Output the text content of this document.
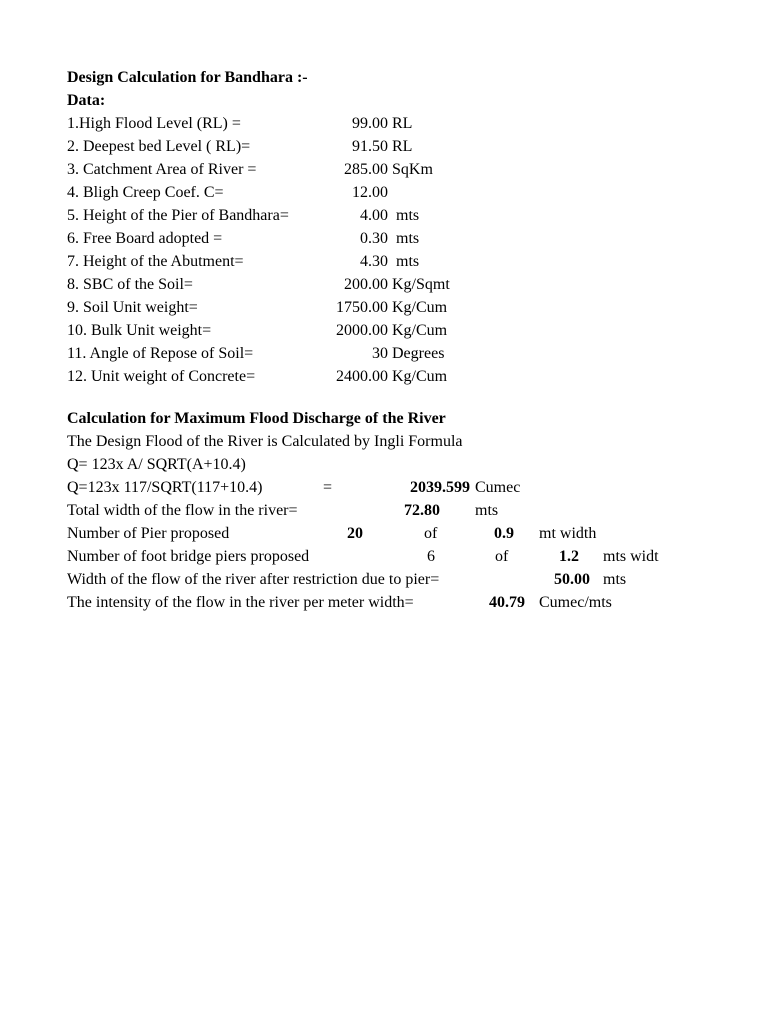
Design Calculation for Bandhara :-
Data:
1.High Flood Level (RL) =	99.00 RL
2. Deepest bed Level ( RL)=	91.50 RL
3. Catchment Area of River =	285.00 SqKm
4. Bligh Creep Coef. C=	12.00
5. Height of the Pier of Bandhara=	4.00 mts
6. Free Board adopted =	0.30 mts
7. Height of the Abutment=	4.30 mts
8. SBC of the Soil=	200.00 Kg/Sqmt
9. Soil Unit weight=	1750.00 Kg/Cum
10. Bulk Unit weight=	2000.00 Kg/Cum
11. Angle of Repose of Soil=	30 Degrees
12. Unit weight of Concrete=	2400.00 Kg/Cum
Calculation for Maximum Flood Discharge of the River
The Design Flood of the River is Calculated by Ingli Formula
Q= 123x A/ SQRT(A+10.4)
Q=123x 117/SQRT(117+10.4)	=	2039.599 Cumec
Total width of the flow in the river=	72.80 mts
Number of Pier proposed	20	of	0.9 mt width
Number of foot bridge piers proposed	6	of	1.2 mts widt
Width of the flow of the river after restriction due to pier=	50.00 mts
The intensity of the flow in the river per meter width=	40.79 Cumec/mts
